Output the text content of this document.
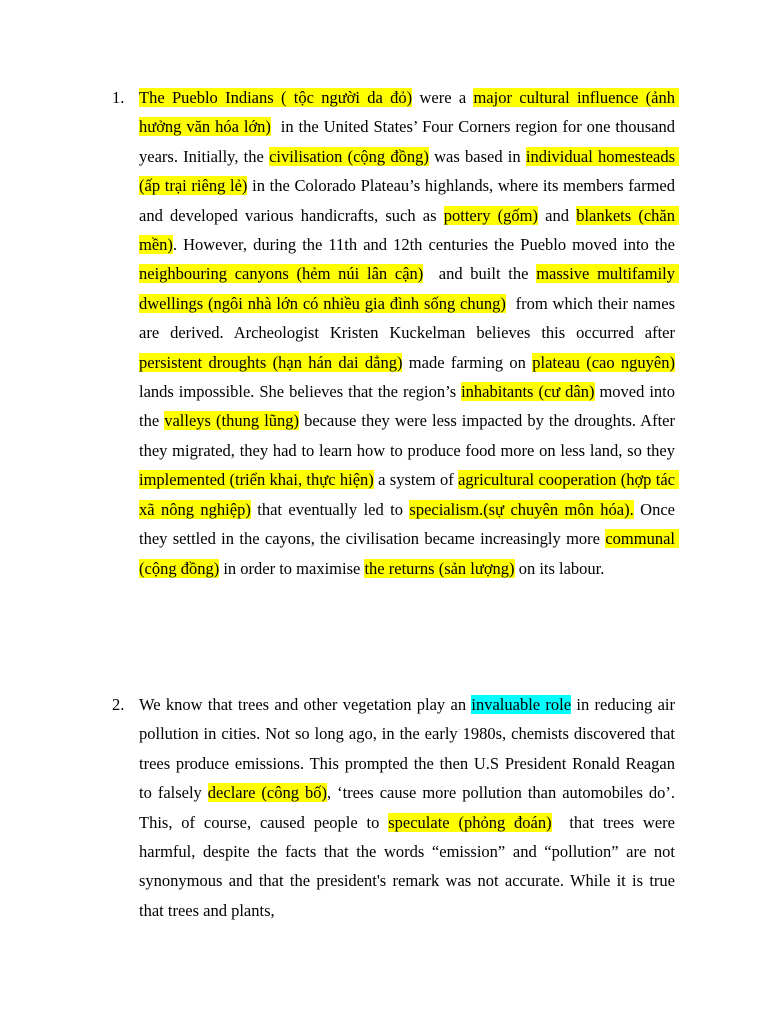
1. The Pueblo Indians ( tộc người da đỏ) were a major cultural influence (ảnh hưởng văn hóa lớn)  in the United States’ Four Corners region for one thousand years. Initially, the civilisation (cộng đồng) was based in individual homesteads (ấp trại riêng lẻ) in the Colorado Plateau’s highlands, where its members farmed and developed various handicrafts, such as pottery (gốm) and blankets (chăn mền). However, during the 11th and 12th centuries the Pueblo moved into the neighbouring canyons (hẻm núi lân cận)  and built the massive multifamily dwellings (ngôi nhà lớn có nhiều gia đình sống chung)  from which their names are derived. Archeologist Kristen Kuckelman believes this occurred after persistent droughts (hạn hán dai dẳng) made farming on plateau (cao nguyên) lands impossible. She believes that the region’s inhabitants (cư dân) moved into the valleys (thung lũng) because they were less impacted by the droughts. After they migrated, they had to learn how to produce food more on less land, so they implemented (triển khai, thực hiện) a system of agricultural cooperation (hợp tác xã nông nghiệp) that eventually led to specialism.(sự chuyên môn hóa). Once they settled in the cayons, the civilisation became increasingly more communal (cộng đồng) in order to maximise the returns (sản lượng) on its labour.
2. We know that trees and other vegetation play an invaluable role in reducing air pollution in cities. Not so long ago, in the early 1980s, chemists discovered that trees produce emissions. This prompted the then U.S President Ronald Reagan to falsely declare (công bố), ‘trees cause more pollution than automobiles do’. This, of course, caused people to speculate (phỏng đoán)  that trees were harmful, despite the facts that the words “emission” and “pollution” are not synonymous and that the president's remark was not accurate. While it is true that trees and plants,
